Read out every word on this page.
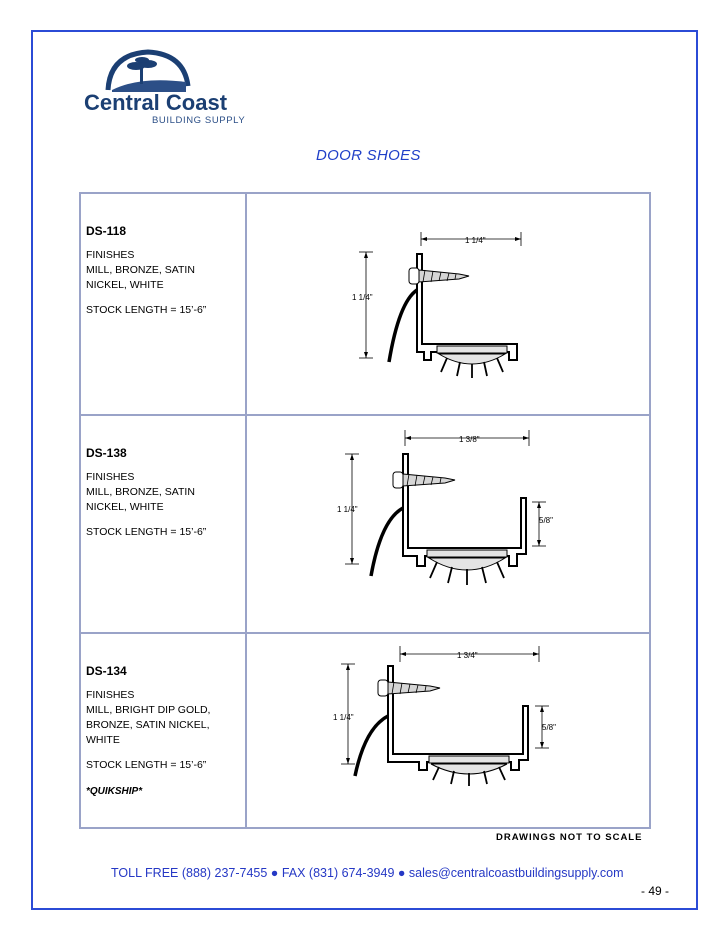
Central Coast
BUILDING SUPPLY
DOOR SHOES
DS-118
FINISHES
MILL, BRONZE, SATIN
NICKEL, WHITE
STOCK LENGTH = 15’-6”
1 1/4"
1 1/4"
DS-138
FINISHES
MILL, BRONZE, SATIN
NICKEL, WHITE
STOCK LENGTH = 15’-6”
1 3/8"
1 1/4"
5/8"
DS-134
FINISHES
MILL, BRIGHT DIP GOLD,
BRONZE, SATIN NICKEL,
WHITE
STOCK LENGTH = 15’-6”
*QUIKSHIP*
1 3/4"
1 1/4"
5/8"
DRAWINGS NOT TO SCALE
TOLL FREE (888) 237-7455 ● FAX (831) 674-3949 ● sales@centralcoastbuildingsupply.com
- 49 -
